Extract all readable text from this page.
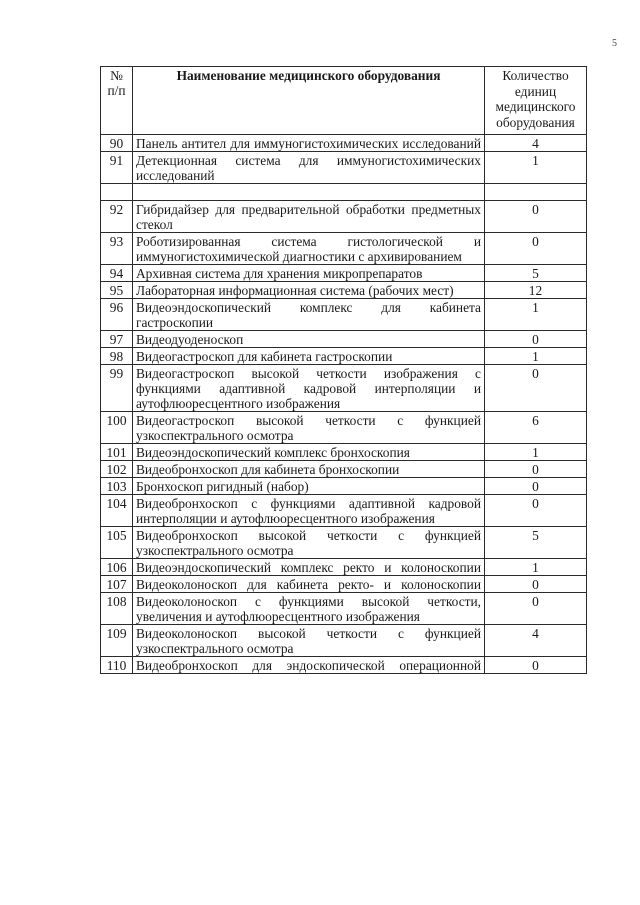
5
№ п/п	Наименование медицинского оборудования	Количество единиц медицинского оборудования
90	Панель антител для иммуногистохимических исследований	4
91	Детекционная система для иммуногистохимических исследований	1

92	Гибридайзер для предварительной обработки предметных стекол	0
93	Роботизированная система гистологической и иммуногистохимической диагностики с архивированием	0
94	Архивная система для хранения микропрепаратов	5
95	Лабораторная информационная система (рабочих мест)	12
96	Видеоэндоскопический комплекс для кабинета гастроскопии	1
97	Видеодуоденоскоп	0
98	Видеогастроскоп для кабинета гастроскопии	1
99	Видеогастроскоп высокой четкости изображения с функциями адаптивной кадровой интерполяции и аутофлюоресцентного изображения	0
100	Видеогастроскоп высокой четкости с функцией узкоспектрального осмотра	6
101	Видеоэндоскопический комплекс бронхоскопия	1
102	Видеобронхоскоп для кабинета бронхоскопии	0
103	Бронхоскоп ригидный (набор)	0
104	Видеобронхоскоп с функциями адаптивной кадровой интерполяции и аутофлюоресцентного изображения	0
105	Видеобронхоскоп высокой четкости с функцией узкоспектрального осмотра	5
106	Видеоэндоскопический комплекс ректо и колоноскопии	1
107	Видеоколоноскоп для кабинета ректо- и колоноскопии	0
108	Видеоколоноскоп с функциями высокой четкости, увеличения и аутофлюоресцентного изображения	0
109	Видеоколоноскоп высокой четкости с функцией узкоспектрального осмотра	4
110	Видеобронхоскоп для эндоскопической операционной	0
